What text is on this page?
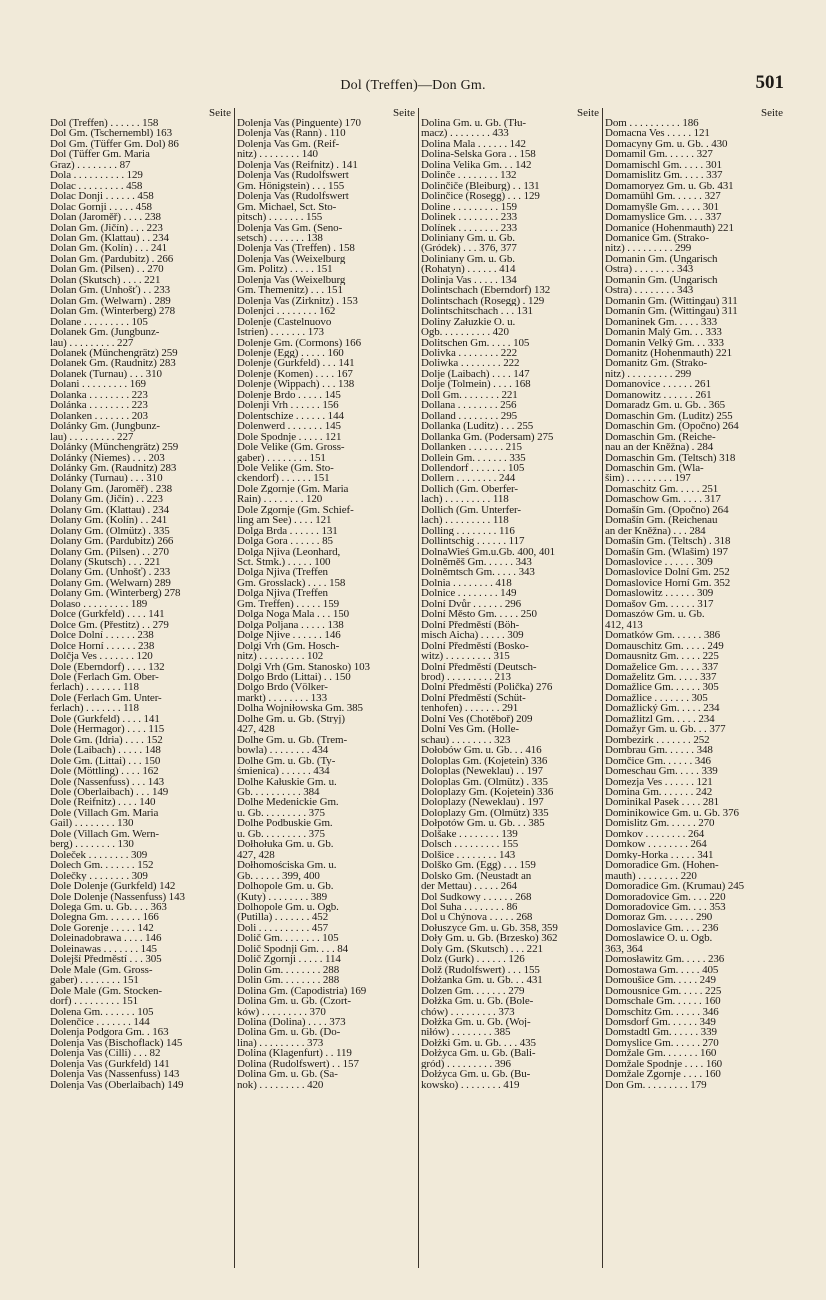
Dol (Treffen)—Don Gm.	501
Seite
Dol (Treffen) . . . . . . 158
Dol Gm. (Tschernembl) 163
Dol Gm. (Tüffer Gm. Dol) 86
Dol (Tüffer Gm. Maria
Graz) . . . . . . . . 87
Dola . . . . . . . . . . 129
Dolac . . . . . . . . . 458
Dolac Donji . . . . . . 458
Dolac Gornji . . . . . 458
Dolan (Jaroměř) . . . . 238
Dolan Gm. (Jičín) . . . 223
Dolan Gm. (Klattau) . . 234
Dolan Gm. (Kolín) . . . 241
Dolan Gm. (Pardubitz) . 266
Dolan Gm. (Pilsen) . . 270
Dolan (Skutsch) . . . . 221
Dolan Gm. (Unhošť) . . 233
Dolan Gm. (Welwarn) . 289
Dolan Gm. (Winterberg) 278
Dolane . . . . . . . . . 105
Dolanek Gm. (Jungbunz-
lau) . . . . . . . . . 227
Dolanek (Münchengrätz) 259
Dolanek Gm. (Raudnitz) 283
Dolanek (Turnau) . . . 310
Dolani . . . . . . . . . 169
Dolanka . . . . . . . . 223
Dolánka . . . . . . . . 223
Dolanken . . . . . . . 203
Dolánky Gm. (Jungbunz-
lau) . . . . . . . . . 227
Dolánky (Münchengrätz) 259
Dolánky (Niemes) . . . 203
Dolánky Gm. (Raudnitz) 283
Dolánky (Turnau) . . . 310
Dolany Gm. (Jaroměř) . 238
Dolany Gm. (Jičín) . . 223
Dolany Gm. (Klattau) . 234
Dolany Gm. (Kolín) . . 241
Dolany Gm. (Olmütz) . 335
Dolany Gm. (Pardubitz) 266
Dolany Gm. (Pilsen) . . 270
Dolany (Skutsch) . . . 221
Dolany Gm. (Unhošť) . 233
Dolany Gm. (Welwarn) 289
Dolany Gm. (Winterberg) 278
Dolaso . . . . . . . . . 189
Dolce (Gurkfeld) . . . . 141
Dolce Gm. (Přestitz) . . 279
Dolce Dolní . . . . . . 238
Dolce Horní . . . . . . 238
Dolčja Ves . . . . . . . 120
Dole (Eberndorf) . . . . 132
Dole (Ferlach Gm. Ober-
ferlach) . . . . . . . 118
Dole (Ferlach Gm. Unter-
ferlach) . . . . . . . 118
Dole (Gurkfeld) . . . . 141
Dole (Hermagor) . . . . 115
Dole Gm. (Idria) . . . . 152
Dole (Laibach) . . . . . 148
Dole Gm. (Littai) . . . 150
Dole (Möttling) . . . . 162
Dole (Nassenfuss) . . . 143
Dole (Oberlaibach) . . . 149
Dole (Reifnitz) . . . . 140
Dole (Villach Gm. Maria
Gail) . . . . . . . . 130
Dole (Villach Gm. Wern-
berg) . . . . . . . . 130
Doleček . . . . . . . . 309
Dolech Gm. . . . . . . 152
Dolečky . . . . . . . . 309
Dole Dolenje (Gurkfeld) 142
Dole Dolenje (Nassenfuss) 143
Dolega Gm. u. Gb. . . . 363
Dolegna Gm. . . . . . . 166
Dole Gorenje . . . . . 142
Doleinadobrawa . . . . 146
Doleinawas . . . . . . . 145
Dolejší Předměstí . . . 305
Dole Male (Gm. Gross-
gaber) . . . . . . . . 151
Dole Male (Gm. Stocken-
dorf) . . . . . . . . . 151
Dolena Gm. . . . . . . 105
Dolenčice . . . . . . . 144
Dolenja Podgora Gm. . 163
Dolenja Vas (Bischoflack) 145
Dolenja Vas (Cilli) . . . 82
Dolenja Vas (Gurkfeld) 141
Dolenja Vas (Nassenfuss) 143
Dolenja Vas (Oberlaibach) 149
Seite
Dolenja Vas (Pinguente) 170
Dolenja Vas (Rann) . 110
Dolenja Vas Gm. (Reif-
nitz) . . . . . . . . 140
Dolenja Vas (Reifnitz) . 141
Dolenja Vas (Rudolfswert
Gm. Hönigstein) . . . 155
Dolenja Vas (Rudolfswert
Gm. Michael, Sct. Sto-
pitsch) . . . . . . . 155
Dolenja Vas Gm. (Seno-
setsch) . . . . . . . 138
Dolenja Vas (Treffen) . 158
Dolenja Vas (Weixelburg
Gm. Politz) . . . . . 151
Dolenja Vas (Weixelburg
Gm. Themenitz) . . . 151
Dolenja Vas (Zirknitz) . 153
Dolenjci . . . . . . . . 162
Dolenje (Castelnuovo
Istrien) . . . . . . . 173
Dolenje Gm. (Cormons) 166
Dolenje (Egg) . . . . . 160
Dolenje (Gurkfeld) . . . 141
Dolenje (Komen) . . . . 167
Dolenje (Wippach) . . . 138
Dolenje Brdo . . . . . 145
Dolenji Vrh . . . . . . 156
Dolentschize . . . . . . 144
Dolenwerd . . . . . . . 145
Dole Spodnje . . . . . 121
Dole Velike (Gm. Gross-
gaber) . . . . . . . . 151
Dole Velike (Gm. Sto-
ckendorf) . . . . . . 151
Dole Zgornje (Gm. Maria
Rain) . . . . . . . . 120
Dole Zgornje (Gm. Schief-
ling am See) . . . . 121
Dolga Brda . . . . . . 131
Dolga Gora . . . . . . 85
Dolga Njiva (Leonhard,
Sct. Stmk.) . . . . . 100
Dolga Njiva (Treffen
Gm. Grosslack) . . . . 158
Dolga Njiva (Treffen
Gm. Treffen) . . . . . 159
Dolga Noga Mala . . . 150
Dolga Poljana . . . . . 138
Dolge Njive . . . . . . 146
Dolgi Vrh (Gm. Hosch-
nitz) . . . . . . . . . 102
Dolgi Vrh (Gm. Stanosko) 103
Dolgo Brdo (Littai) . . 150
Dolgo Brdo (Völker-
markt) . . . . . . . . 133
Dolha Wojniłowska Gm. 385
Dolhe Gm. u. Gb. (Stryj)
427, 428
Dolhe Gm. u. Gb. (Trem-
bowla) . . . . . . . . 434
Dolhe Gm. u. Gb. (Ty-
śmienica) . . . . . . 434
Dolhe Kałuskie Gm. u.
Gb. . . . . . . . . . 384
Dolhe Medenickie Gm.
u. Gb. . . . . . . . . 375
Dolhe Podbuskie Gm.
u. Gb. . . . . . . . . 375
Dołhołuka Gm. u. Gb.
427, 428
Dołhomościska Gm. u.
Gb. . . . . . 399, 400
Dolhopole Gm. u. Gb.
(Kuty) . . . . . . . . 389
Dolhopole Gm. u. Ogb.
(Putilla) . . . . . . . 452
Doli . . . . . . . . . . 457
Dolič Gm. . . . . . . . 105
Dolič Spodnji Gm. . . . 84
Dolič Zgornji . . . . . 114
Dolin Gm. . . . . . . . 288
Dolin Gm. . . . . . . . 288
Dolina Gm. (Capodistria) 169
Dolina Gm. u. Gb. (Czort-
ków) . . . . . . . . . 370
Dolina (Dolina) . . . . 373
Dolina Gm. u. Gb. (Do-
lina) . . . . . . . . . 373
Dolina (Klagenfurt) . . 119
Dolina (Rudolfswert) . . 157
Dolina Gm. u. Gb. (Sa-
nok) . . . . . . . . . 420
Seite
Dolina Gm. u. Gb. (Tłu-
macz) . . . . . . . . 433
Dolina Mala . . . . . . 142
Dolina-Selska Gora . . 158
Dolina Velika Gm. . . 142
Dolinče . . . . . . . . 132
Dolinčiče (Bleiburg) . . 131
Dolinčice (Rosegg) . . . 129
Doline . . . . . . . . . 159
Dolinek . . . . . . . . 233
Dolínek . . . . . . . . 233
Doliniany Gm. u. Gb.
(Gródek) . . . 376, 377
Doliniany Gm. u. Gb.
(Rohatyn) . . . . . . 414
Dolinja Vas . . . . . 134
Dolintschach (Eberndorf) 132
Dolintschach (Rosegg) . 129
Dolintschitschach . . . 131
Doliny Załuzkie O. u.
Ogb. . . . . . . . . . 420
Dolitschen Gm. . . . . 105
Dolivka . . . . . . . . 222
Doliwka . . . . . . . . 222
Dolje (Laibach) . . . . 147
Dolje (Tolmein) . . . . 168
Doll Gm. . . . . . . . 221
Dollana . . . . . . . . 256
Dolland . . . . . . . . 295
Dollanka (Luditz) . . . 255
Dollanka Gm. (Podersam) 275
Dollanken . . . . . . . 215
Dollein Gm. . . . . . . 335
Dollendorf . . . . . . . 105
Dollern . . . . . . . . 244
Dollich (Gm. Oberfer-
lach) . . . . . . . . . 118
Dollich (Gm. Unterfer-
lach) . . . . . . . . . 118
Dolling . . . . . . . . 116
Dollintschig . . . . . . 117
DolnaWieś Gm.u.Gb. 400, 401
Dolněměš Gm. . . . . . 343
Dolněmtsch Gm. . . . . 343
Dolnia . . . . . . . . 418
Dolnice . . . . . . . . 149
Dolní Dvůr . . . . . . 296
Dolní Město Gm. . . . . 250
Dolní Předměstí (Böh-
misch Aicha) . . . . . 309
Dolní Předměstí (Bosko-
witz) . . . . . . . . . 315
Dolní Předměstí (Deutsch-
brod) . . . . . . . . . 213
Dolní Předměstí (Polička) 276
Dolní Předměstí (Schüt-
tenhofen) . . . . . . . 291
Dolní Ves (Chotěboř) 209
Dolní Ves Gm. (Holle-
schau) . . . . . . . . 323
Dołobów Gm. u. Gb. . . 416
Doloplas Gm. (Kojetein) 336
Doloplas (Neweklau) . . 197
Doloplas Gm. (Olmütz) . 335
Doloplazy Gm. (Kojetein) 336
Doloplazy (Neweklau) . 197
Doloplazy Gm. (Olmütz) 335
Dołpotów Gm. u. Gb. . . 385
Dolšake . . . . . . . . 139
Dolsch . . . . . . . . . 155
Dolšice . . . . . . . . 143
Dolško Gm. (Egg) . . . 159
Dolsko Gm. (Neustadt an
der Mettau) . . . . . 264
Dol Sudkowy . . . . . . 268
Dol Suha . . . . . . . . 86
Dol u Chýnova . . . . . 268
Dołuszyce Gm. u. Gb. 358, 359
Doły Gm. u. Gb. (Brzesko) 362
Doly Gm. (Skutsch) . . . 221
Dolz (Gurk) . . . . . . 126
Dolž (Rudolfswert) . . . 155
Dołżanka Gm. u. Gb. . . 431
Dolzen Gm. . . . . . . 279
Dołżka Gm. u. Gb. (Bole-
chów) . . . . . . . . . 373
Dołżka Gm. u. Gb. (Woj-
niłów) . . . . . . . . 385
Dołżki Gm. u. Gb. . . . 435
Dołżyca Gm. u. Gb. (Bali-
gród) . . . . . . . . . 396
Dołżyca Gm. u. Gb. (Bu-
kowsko) . . . . . . . . 419
Seite
Dom . . . . . . . . . . 186
Domacna Ves . . . . . 121
Domacyny Gm. u. Gb. . 430
Domamil Gm. . . . . . 327
Domamischl Gm. . . . . 301
Domamislitz Gm. . . . . 337
Domamoryez Gm. u. Gb. 431
Domamühl Gm. . . . . . 327
Domamyšle Gm. . . . . 301
Domamyslice Gm. . . . 337
Domanice (Hohenmauth) 221
Domanice Gm. (Strako-
nitz) . . . . . . . . . 299
Domanin Gm. (Ungarisch
Ostra) . . . . . . . . 343
Domanin Gm. (Ungarisch
Ostra) . . . . . . . . 343
Domanin Gm. (Wittingau) 311
Domanín Gm. (Wittingau) 311
Domaninek Gm. . . . . 333
Domanin Malý Gm. . . 333
Domanin Velký Gm. . . 333
Domanitz (Hohenmauth) 221
Domanitz Gm. (Strako-
nitz) . . . . . . . . . 299
Domanovice . . . . . . 261
Domanowitz . . . . . . 261
Domaradz Gm. u. Gb. . 365
Domaschin Gm. (Luditz) 255
Domaschin Gm. (Opočno) 264
Domaschin Gm. (Reiche-
nau an der Kněžna) . 284
Domaschin Gm. (Teltsch) 318
Domaschin Gm. (Wla-
šim) . . . . . . . . . 197
Domaschitz Gm. . . . . 251
Domaschow Gm. . . . . 317
Domašín Gm. (Opočno) 264
Domašín Gm. (Reichenau
an der Kněžna) . . . 284
Domašín Gm. (Teltsch) . 318
Domašín Gm. (Wlašim) 197
Domaslovice . . . . . . 309
Domaslovice Dolní Gm. 252
Domaslovice Horní Gm. 352
Domaslowitz . . . . . . 309
Domašov Gm. . . . . . 317
Domaszów Gm. u. Gb.
412, 413
Domatków Gm. . . . . . 386
Domauschitz Gm. . . . . 249
Domausnitz Gm. . . . . 225
Domaželice Gm. . . . . 337
Domaželitz Gm. . . . . 337
Domažlice Gm. . . . . . 305
Domažlice . . . . . . . 305
Domažlický Gm. . . . . 234
Domažlitzl Gm. . . . . 234
Domažyr Gm. u. Gb. . . 377
Dombezirk . . . . . . . 252
Dombrau Gm. . . . . . 348
Domčice Gm. . . . . . 346
Domeschau Gm. . . . . 339
Domezja Ves . . . . . . 121
Domina Gm. . . . . . . 242
Dominikal Pasek . . . . 281
Dominikowice Gm. u. Gb. 376
Domislitz Gm. . . . . . 270
Domkov . . . . . . . . 264
Domkow . . . . . . . . 264
Domky-Horka . . . . . 341
Domoradice Gm. (Hohen-
mauth) . . . . . . . . 220
Domoradice Gm. (Krumau) 245
Domoradovice Gm. . . . 220
Domoradovice Gm. . . . 353
Domoraz Gm. . . . . . 290
Domoslavice Gm. . . . 236
Domoslawice O. u. Ogb.
363, 364
Domosławitz Gm. . . . . 236
Domostawa Gm. . . . . 405
Domoušice Gm. . . . . 249
Domousnice Gm. . . . . 225
Domschale Gm. . . . . . 160
Domschitz Gm. . . . . . 346
Domsdorf Gm. . . . . . 349
Domstadtl Gm. . . . . . 339
Domyslice Gm. . . . . . 270
Domžale Gm. . . . . . . 160
Domžale Spodnje . . . . 160
Domžale Zgornje . . . . 160
Don Gm. . . . . . . . . 179
